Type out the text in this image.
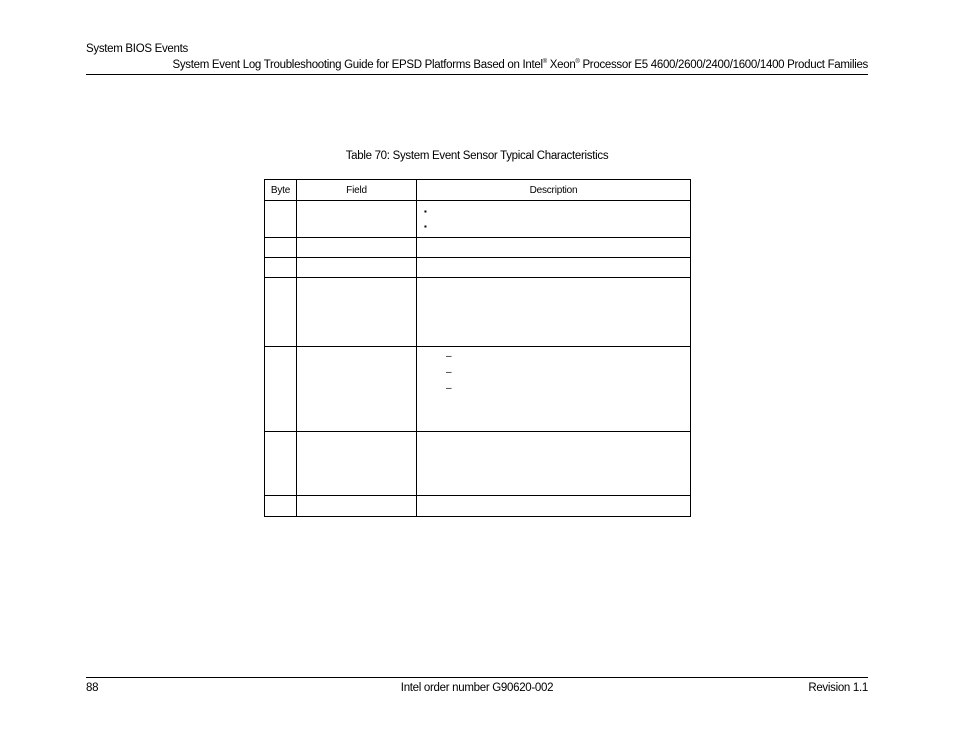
System BIOS Events
System Event Log Troubleshooting Guide for EPSD Platforms Based on Intel® Xeon® Processor E5 4600/2600/2400/1600/1400 Product Families
Table 70: System Event Sensor Typical Characteristics
Byte	Field	Description

		▪
▪

		–
–
–

88	Intel order number G90620-002	Revision 1.1
